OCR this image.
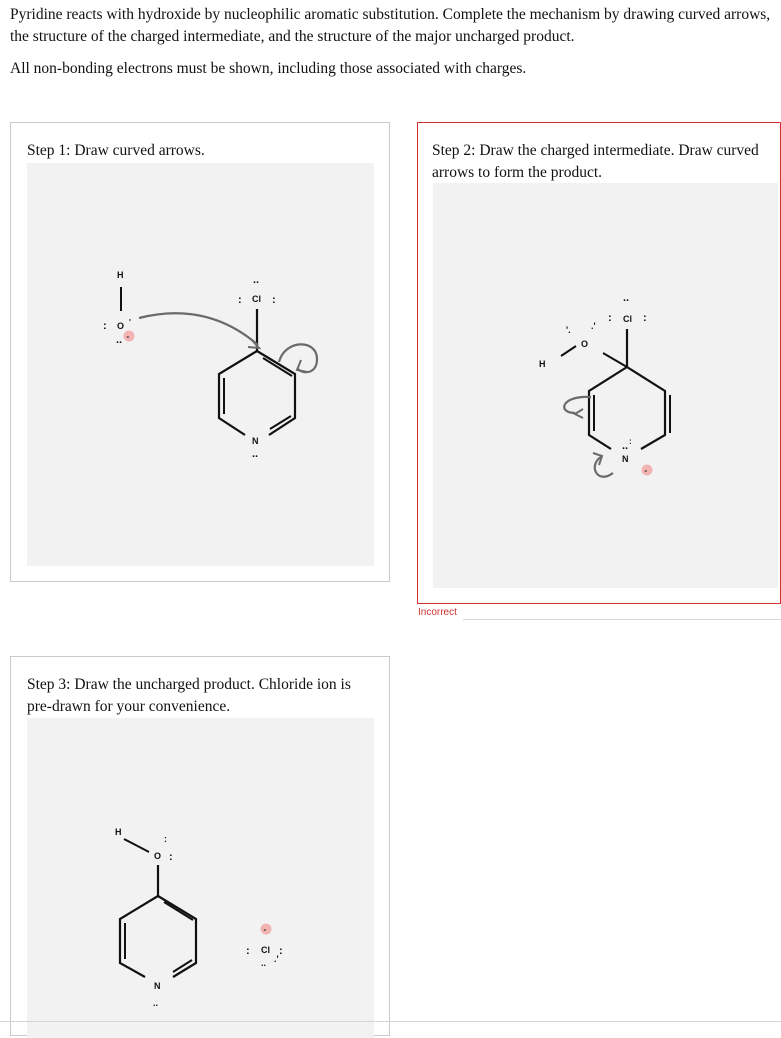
Pyridine reacts with hydroxide by nucleophilic aromatic substitution. Complete the mechanism by drawing curved arrows, the structure of the charged intermediate, and the structure of the major uncharged product.

All non-bonding electrons must be shown, including those associated with charges.

Step 1: Draw curved arrows.
H
O
:
.. -
'
..
: Cl :
N
..
Step 2: Draw the charged intermediate. Draw curved arrows to form the product.
..
: Cl :
O
'. .'
H
N
.. :
-
Incorrect
Step 3: Draw the uncharged product. Chloride ion is pre-drawn for your convenience.
H
O
:
:
N
..
-
: Cl :
.. .'
